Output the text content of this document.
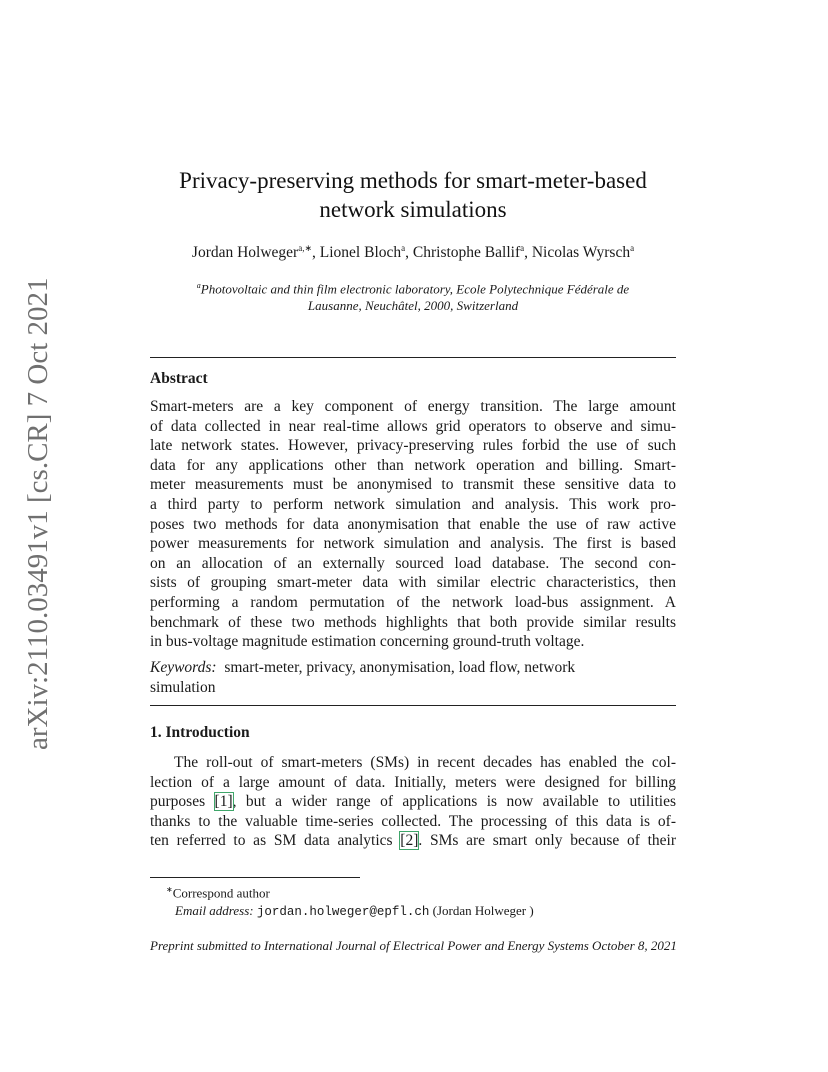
arXiv:2110.03491v1 [cs.CR] 7 Oct 2021
Privacy-preserving methods for smart-meter-based
network simulations
Jordan Holweger$^{a,∗}$, Lionel Bloch$^a$, Christophe Ballif$^a$, Nicolas Wyrsch$^a$
$^a$Photovoltaic and thin film electronic laboratory, Ecole Polytechnique Fédérale de
Lausanne, Neuchâtel, 2000, Switzerland
Abstract
Smart-meters are a key component of energy transition. The large amount
of data collected in near real-time allows grid operators to observe and simu-
late network states. However, privacy-preserving rules forbid the use of such
data for any applications other than network operation and billing. Smart-
meter measurements must be anonymised to transmit these sensitive data to
a third party to perform network simulation and analysis. This work pro-
poses two methods for data anonymisation that enable the use of raw active
power measurements for network simulation and analysis. The first is based
on an allocation of an externally sourced load database. The second con-
sists of grouping smart-meter data with similar electric characteristics, then
performing a random permutation of the network load-bus assignment. A
benchmark of these two methods highlights that both provide similar results
in bus-voltage magnitude estimation concerning ground-truth voltage.
Keywords: smart-meter, privacy, anonymisation, load flow, network
simulation
1. Introduction
The roll-out of smart-meters (SMs) in recent decades has enabled the col-
lection of a large amount of data. Initially, meters were designed for billing
purposes [1], but a wider range of applications is now available to utilities
thanks to the valuable time-series collected. The processing of this data is of-
ten referred to as SM data analytics [2]. SMs are smart only because of their
∗Correspond author
Email address: jordan.holweger@epfl.ch (Jordan Holweger )
Preprint submitted to International Journal of Electrical Power and Energy Systems October 8, 2021
